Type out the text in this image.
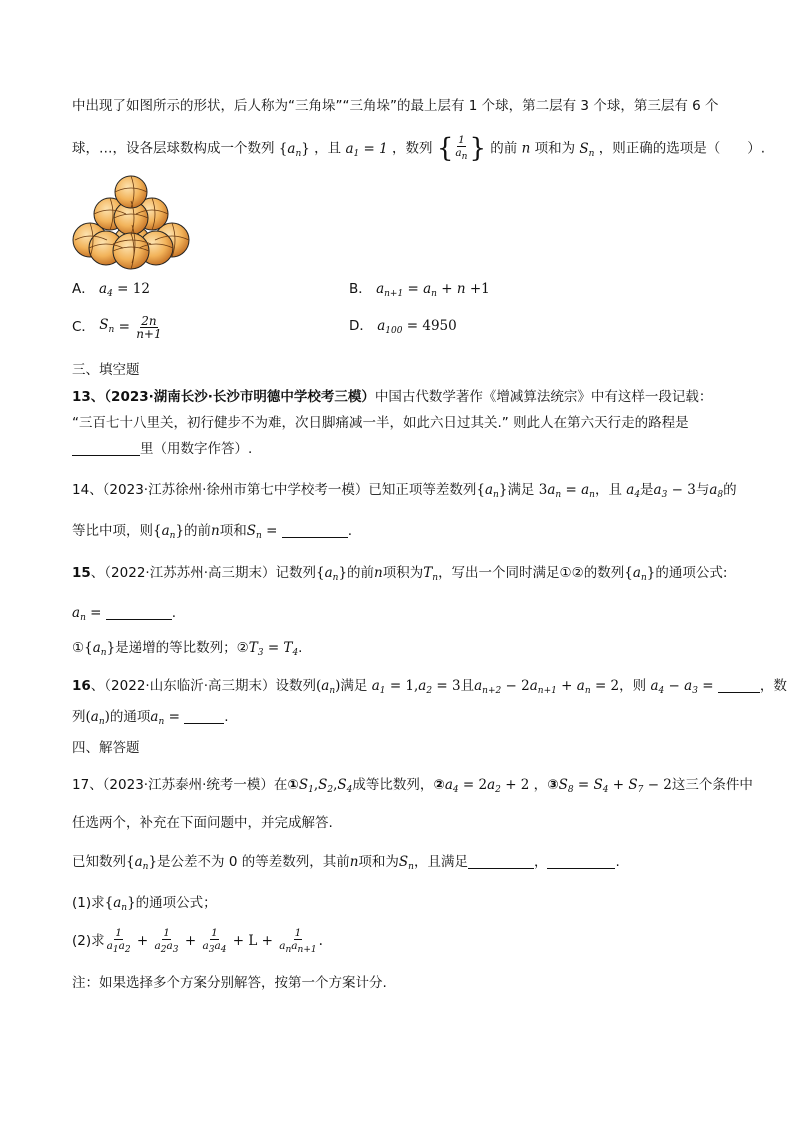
中出现了如图所示的形状，后人称为“三角垛”“三角垛”的最上层有 1 个球，第二层有 3 个球，第三层有 6 个
球，…，设各层球数构成一个数列 $\{a_n\}$ ，且 $a_1 = 1$ ，数列 { $\frac{1}{a_n}$ } 的前 n 项和为 $S_n$ ，则正确的选项是（　　）.
A． $a_4 = 12$	B． $a_{n+1} = a_n + n +1$
C．
$S_n$
=
$\frac{2n}{n+1}$	D． $a_{100} = 4950$
三、填空题
13、（2023·湖南长沙·长沙市明德中学校考三模）中国古代数学著作《增减算法统宗》中有这样一段记载：
“三百七十八里关，初行健步不为难，次日脚痛减一半，如此六日过其关.” 则此人在第六天行走的路程是
里（用数字作答）.
14、（2023·江苏徐州·徐州市第七中学校考一模）已知正项等差数列$\{a_n\}$满足 $3a_n = a_n$，且 $a_4$是$a_3 - 3$与$a_8$的
等比中项，则$\{a_n\}$的前n项和$S_n$ =	.
15、（2022·江苏苏州·高三期末）记数列$\{a_n\}$的前n项积为$T_n$，写出一个同时满足①②的数列$\{a_n\}$的通项公式:
$a_n$ =	.
$①\{a_n\}$是递增的等比数列；$②T_3 = T_4$.
16、（2022·山东临沂·高三期末）设数列$(a_n)$满足 $a_1 = 1,a_2 = 3$且$a_{n+2} - 2a_{n+1} + a_n = 2$，则 $a_4 - a_3$ =	，数
列$(a_n)$的通项$a_n$ =	.
四、解答题
17、（2023·江苏泰州·统考一模）在$①S_1,S_2,S_4$成等比数列，$②a_4 = 2a_2 + 2$ ，$③S_8 = S_4 + S_7 - 2$这三个条件中
任选两个，补充在下面问题中，并完成解答.
已知数列$\{a_n\}$是公差不为 0 的等差数列，其前n项和为$S_n$，且满足	，	.
(1)求$\{a_n\}$的通项公式；
(2)求 $\frac{1}{a_1a_2} + \frac{1}{a_2a_3} + \frac{1}{a_3a_4} + L + \frac{1}{a_na_{n+1}}$ .
注：如果选择多个方案分别解答，按第一个方案计分.
